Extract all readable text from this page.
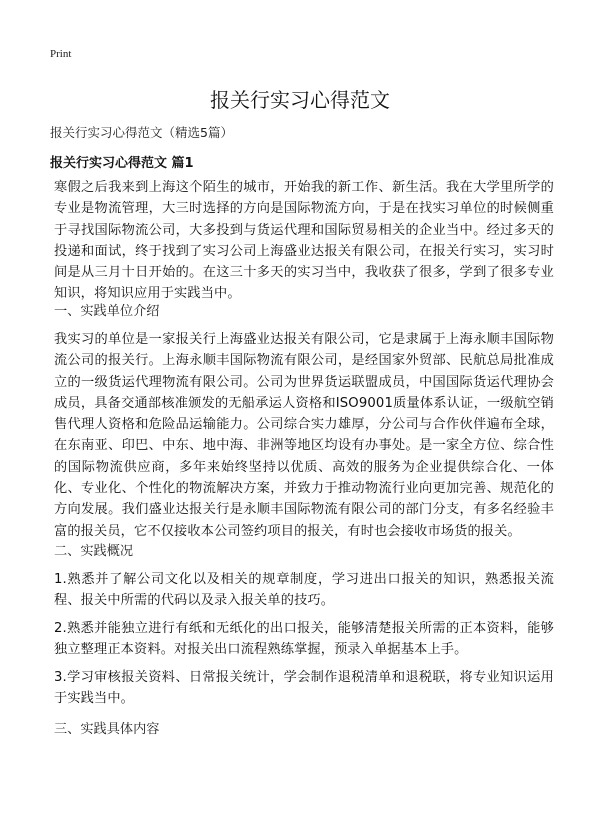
Print
报关行实习心得范文
报关行实习心得范文（精选5篇）
报关行实习心得范文 篇1

寒假之后我来到上海这个陌生的城市，开始我的新工作、新生活。我在大学里所学的专业是物流管理，大三时选择的方向是国际物流方向，于是在找实习单位的时候侧重于寻找国际物流公司，大多投到与货运代理和国际贸易相关的企业当中。经过多天的投递和面试，终于找到了实习公司上海盛业达报关有限公司，在报关行实习，实习时间是从三月十日开始的。在这三十多天的实习当中，我收获了很多，学到了很多专业知识，将知识应用于实践当中。

一、实践单位介绍

我实习的单位是一家报关行上海盛业达报关有限公司，它是隶属于上海永顺丰国际物流公司的报关行。上海永顺丰国际物流有限公司，是经国家外贸部、民航总局批准成立的一级货运代理物流有限公司。公司为世界货运联盟成员，中国国际货运代理协会成员，具备交通部核准颁发的无船承运人资格和ISO9001质量体系认证，一级航空销售代理人资格和危险品运输能力。公司综合实力雄厚，分公司与合作伙伴遍布全球，在东南亚、印巴、中东、地中海、非洲等地区均设有办事处。是一家全方位、综合性的国际物流供应商，多年来始终坚持以优质、高效的服务为企业提供综合化、一体化、专业化、个性化的物流解决方案，并致力于推动物流行业向更加完善、规范化的方向发展。我们盛业达报关行是永顺丰国际物流有限公司的部门分支，有多名经验丰富的报关员，它不仅接收本公司签约项目的报关，有时也会接收市场货的报关。

二、实践概况

1.熟悉并了解公司文化以及相关的规章制度，学习进出口报关的知识，熟悉报关流程、报关中所需的代码以及录入报关单的技巧。

2.熟悉并能独立进行有纸和无纸化的出口报关，能够清楚报关所需的正本资料，能够独立整理正本资料。对报关出口流程熟练掌握，预录入单据基本上手。

3.学习审核报关资料、日常报关统计，学会制作退税清单和退税联，将专业知识运用于实践当中。

三、实践具体内容
